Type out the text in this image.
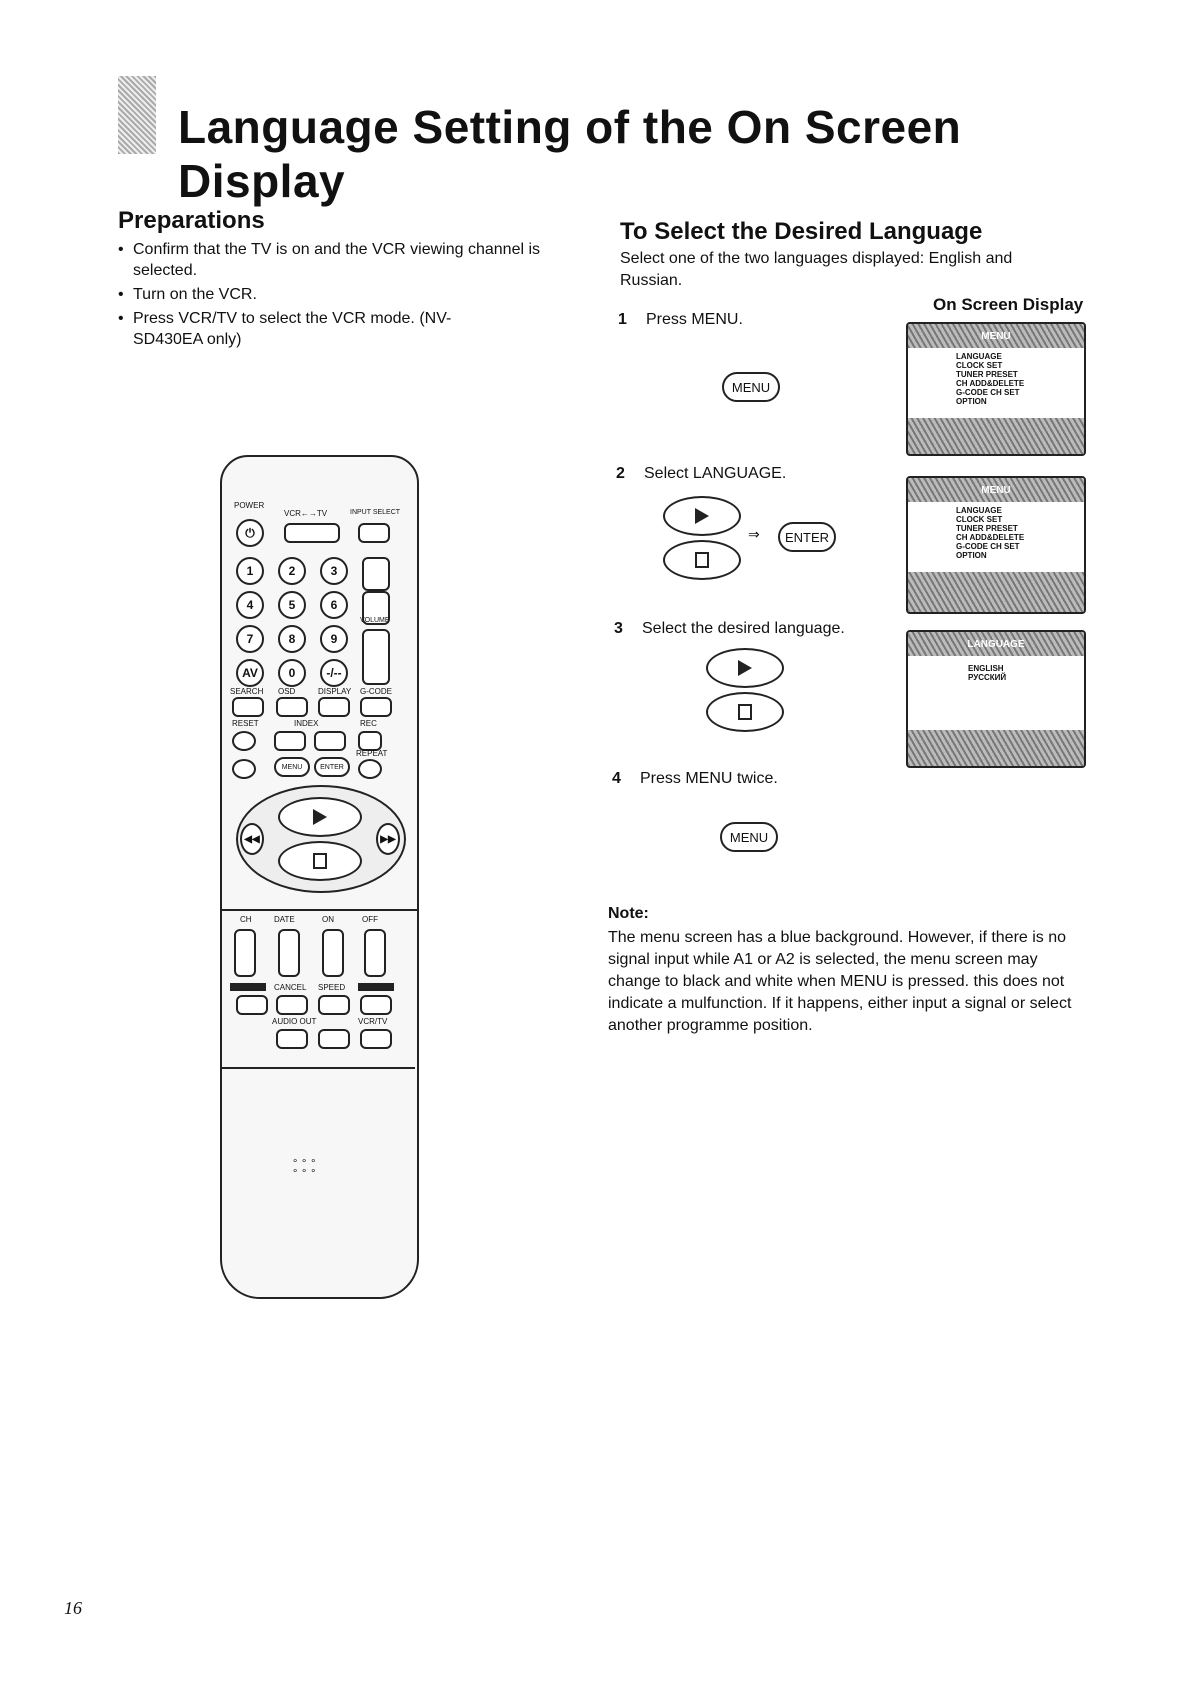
Language Setting of the On Screen Display
Preparations
• Confirm that the TV is on and the VCR viewing channel is selected.
• Turn on the VCR.
• Press VCR/TV to select the VCR mode. (NV-SD430EA only)
To Select the Desired Language
Select one of the two languages displayed: English and Russian.
On Screen Display
1 Press MENU.
MENU
MENU
LANGUAGE
CLOCK SET
TUNER PRESET
CH ADD&DELETE
G-CODE CH SET
OPTION
2 Select LANGUAGE.
⇒	ENTER
MENU
LANGUAGE
CLOCK SET
TUNER PRESET
CH ADD&DELETE
G-CODE CH SET
OPTION
3 Select the desired language.
LANGUAGE
ENGLISH
РУССКИЙ
4 Press MENU twice.
MENU
Note:
The menu screen has a blue background. However, if there is no signal input while A1 or A2 is selected, the menu screen may change to black and white when MENU is pressed. this does not indicate a mulfunction. If it happens, either input a signal or select another programme position.
POWER
VCR←→TV	INPUT SELECT
⏻
1	2	3
4	5	6
7	8	9
AV	0	-/--
VOLUME
SEARCH OSD	DISPLAY G-CODE
RESET	INDEX	REC
REPEAT
MENU	ENTER
◀◀	▶▶
CH	DATE	ON	OFF
CANCEL SPEED
AUDIO OUT	VCR/TV
∘ ∘ ∘
∘ ∘ ∘
16
